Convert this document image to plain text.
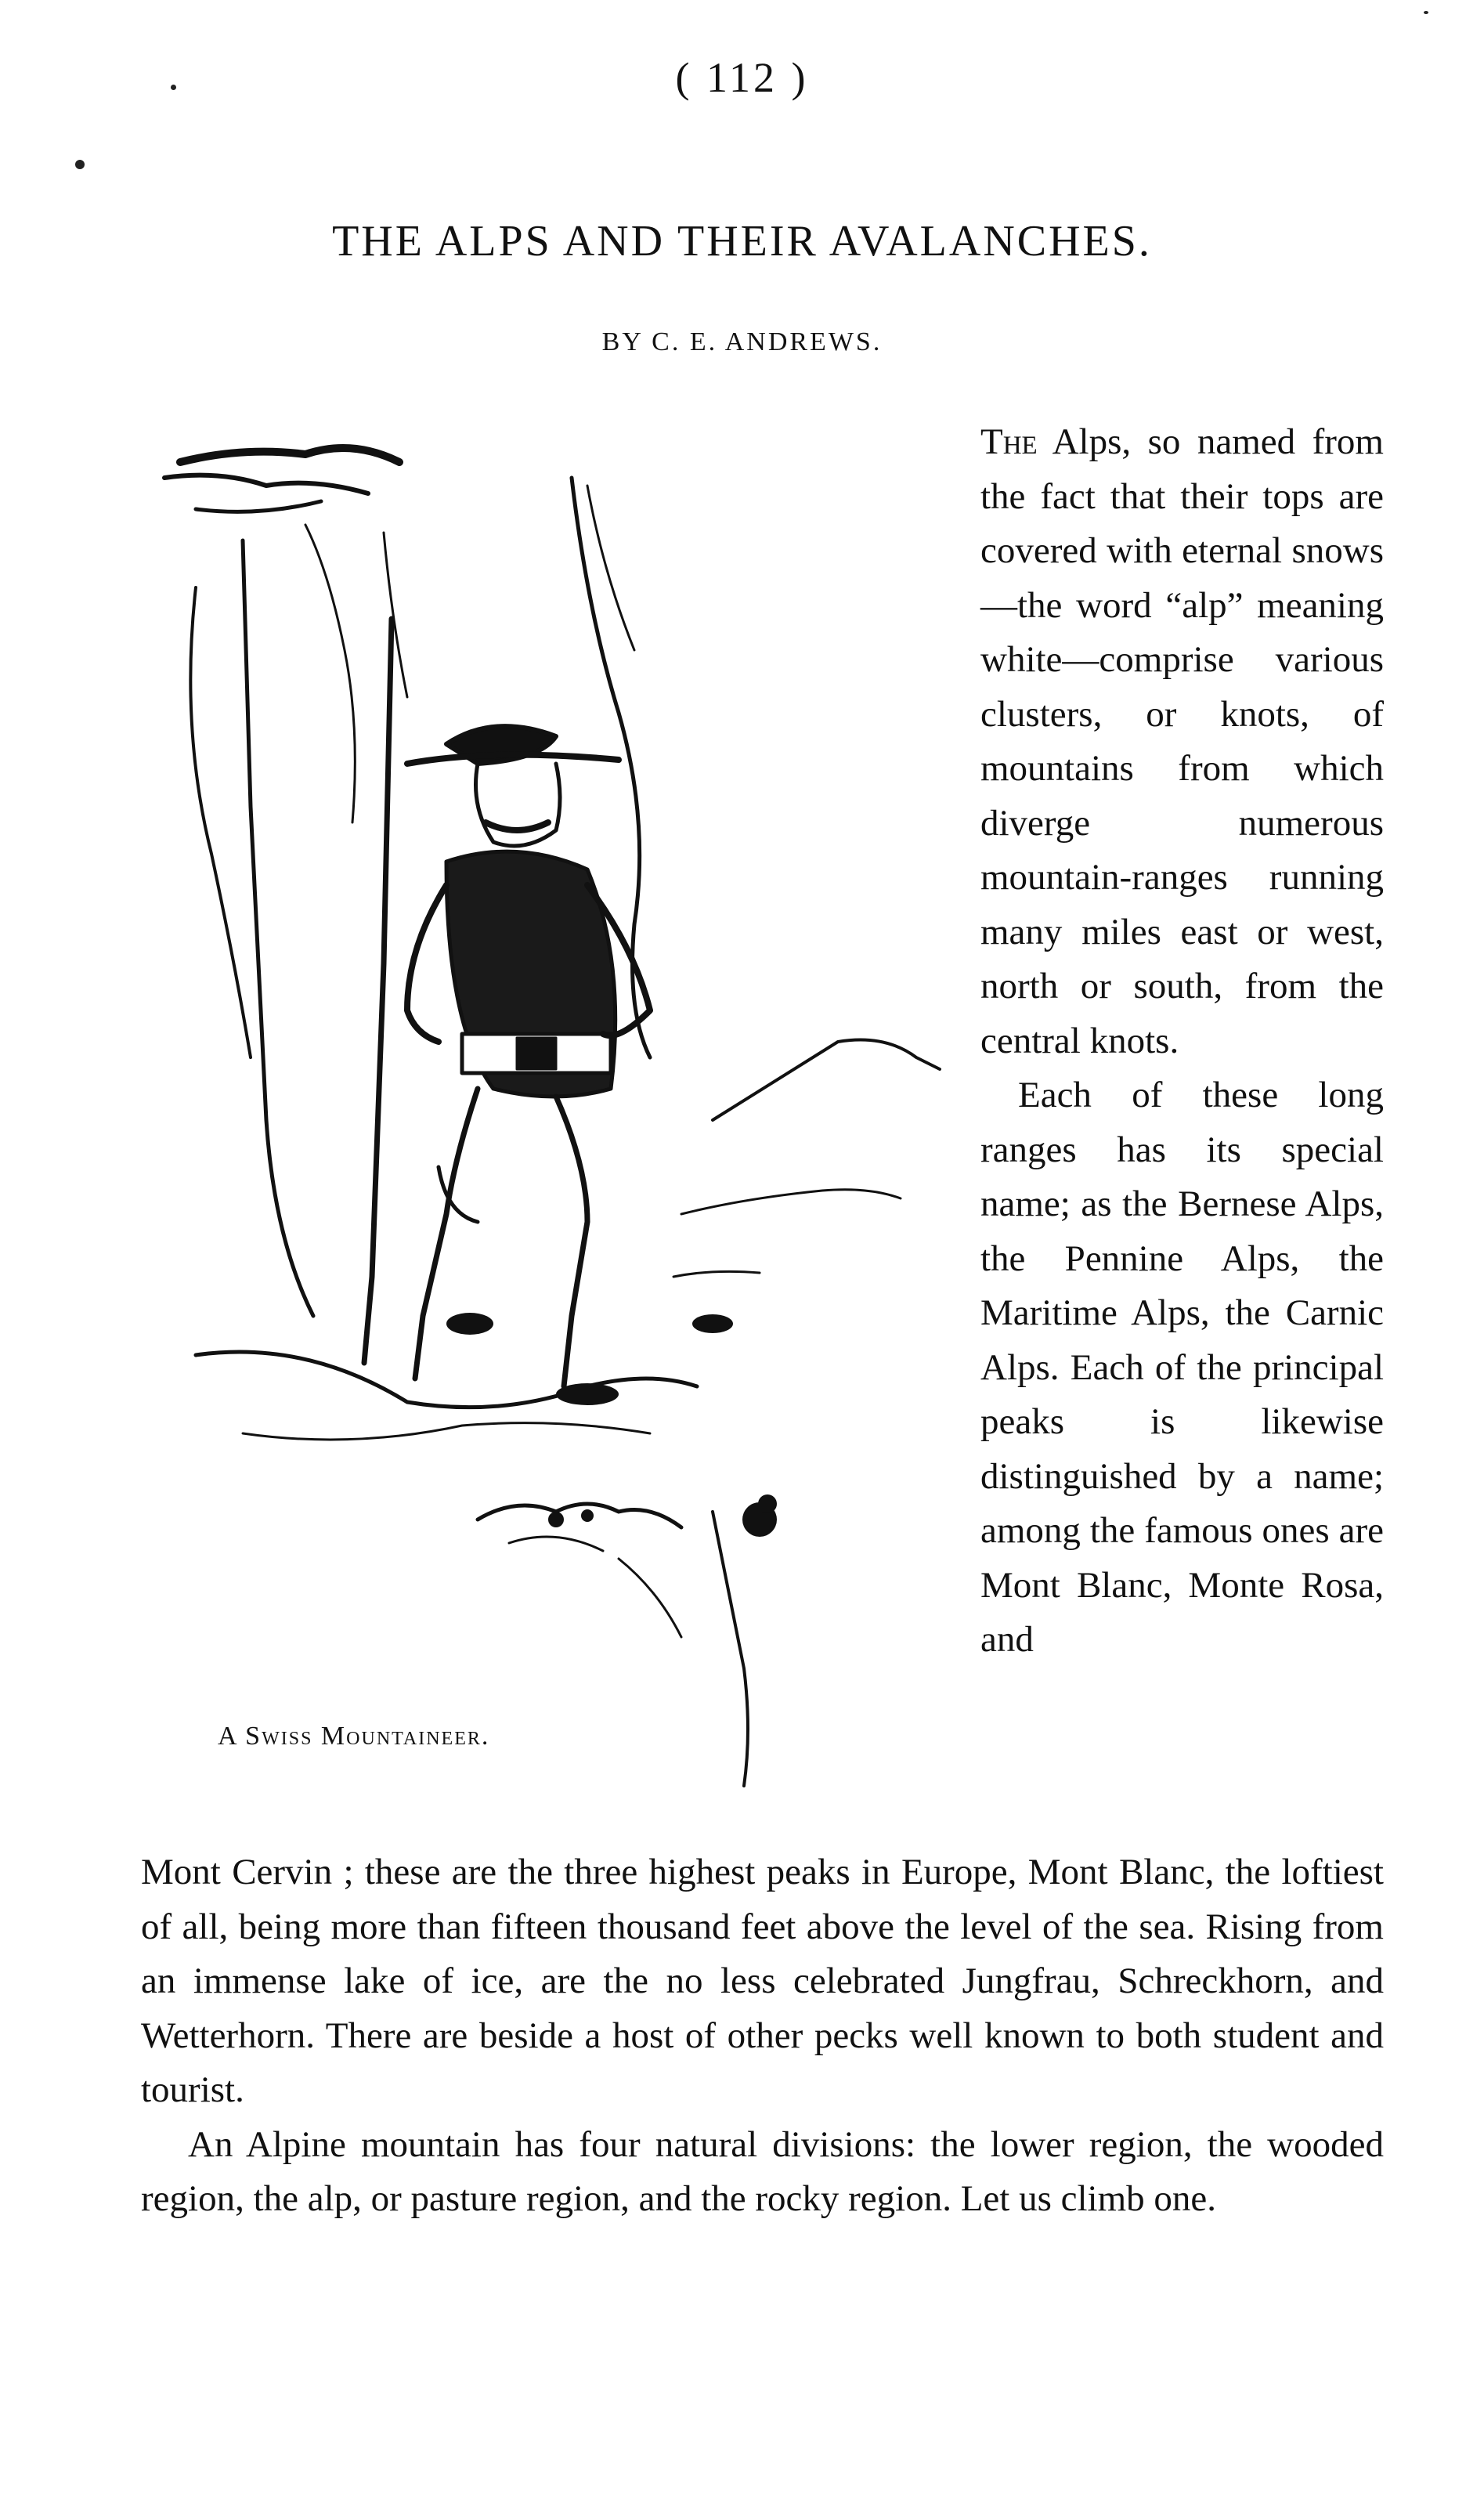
( 112 )
THE ALPS AND THEIR AVALANCHES.
BY C. E. ANDREWS.
A Swiss Mountaineer.

The Alps, so named from the fact that their tops are covered with eternal snows—the word “alp” meaning white—comprise various clusters, or knots, of mountains from which diverge numerous mountain-ranges running many miles east or west, north or south, from the central knots.

Each of these long ranges has its special name; as the Bernese Alps, the Pennine Alps, the Maritime Alps, the Carnic Alps. Each of the principal peaks is likewise distinguished by a name; among the famous ones are Mont Blanc, Monte Rosa, and

Mont Cervin ; these are the three highest peaks in Europe, Mont Blanc, the loftiest of all, being more than fifteen thousand feet above the level of the sea. Rising from an immense lake of ice, are the no less celebrated Jungfrau, Schreckhorn, and Wetterhorn. There are beside a host of other pecks well known to both student and tourist.

An Alpine mountain has four natural divisions: the lower region, the wooded region, the alp, or pasture region, and the rocky region. Let us climb one.
